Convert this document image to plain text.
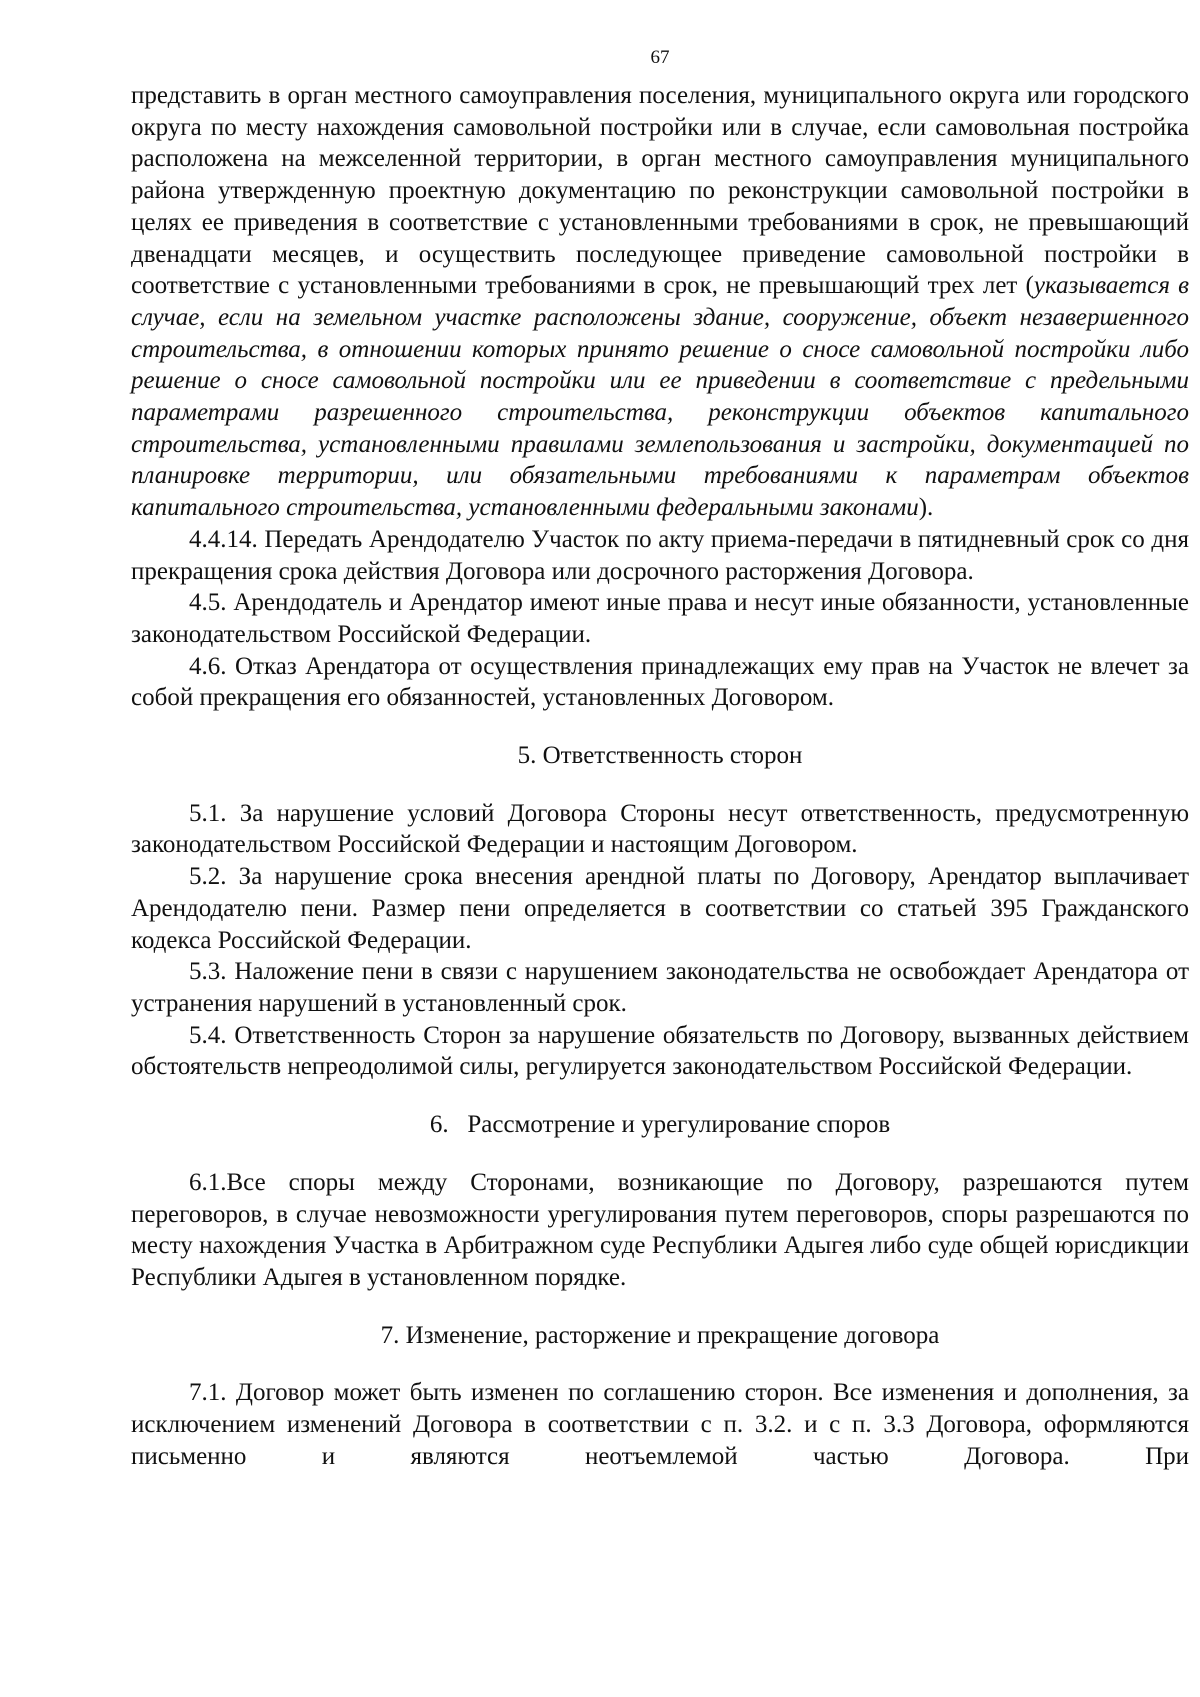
67

представить в орган местного самоуправления поселения, муниципального округа или городского округа по месту нахождения самовольной постройки или в случае, если самовольная постройка расположена на межселенной территории, в орган местного самоуправления муниципального района утвержденную проектную документацию по реконструкции самовольной постройки в целях ее приведения в соответствие с установленными требованиями в срок, не превышающий двенадцати месяцев, и осуществить последующее приведение самовольной постройки в соответствие с установленными требованиями в срок, не превышающий трех лет (указывается в случае, если на земельном участке расположены здание, сооружение, объект незавершенного строительства, в отношении которых принято решение о сносе самовольной постройки либо решение о сносе самовольной постройки или ее приведении в соответствие с предельными параметрами разрешенного строительства, реконструкции объектов капитального строительства, установленными правилами землепользования и застройки, документацией по планировке территории, или обязательными требованиями к параметрам объектов капитального строительства, установленными федеральными законами).

4.4.14. Передать Арендодателю Участок по акту приема-передачи в пятидневный срок со дня прекращения срока действия Договора или досрочного расторжения Договора.

4.5. Арендодатель и Арендатор имеют иные права и несут иные обязанности, установленные законодательством Российской Федерации.

4.6. Отказ Арендатора от осуществления принадлежащих ему прав на Участок не влечет за собой прекращения его обязанностей, установленных Договором.

5. Ответственность сторон

5.1. За нарушение условий Договора Стороны несут ответственность, предусмотренную законодательством Российской Федерации и настоящим Договором.

5.2. За нарушение срока внесения арендной платы по Договору, Арендатор выплачивает Арендодателю пени. Размер пени определяется в соответствии со статьей 395 Гражданского кодекса Российской Федерации.

5.3. Наложение пени в связи с нарушением законодательства не освобождает Арендатора от устранения нарушений в установленный срок.

5.4. Ответственность Сторон за нарушение обязательств по Договору, вызванных действием обстоятельств непреодолимой силы, регулируется законодательством Российской Федерации.

6.   Рассмотрение и урегулирование споров

6.1.Все споры между Сторонами, возникающие по Договору, разрешаются путем переговоров, в случае невозможности урегулирования путем переговоров, споры разрешаются по месту нахождения Участка в Арбитражном суде Республики Адыгея либо суде общей юрисдикции Республики Адыгея в установленном порядке.

7. Изменение, расторжение и прекращение договора

7.1. Договор может быть изменен по соглашению сторон. Все изменения и дополнения, за исключением изменений Договора в соответствии с п. 3.2. и с п. 3.3 Договора, оформляются письменно и являются неотъемлемой частью Договора. При
